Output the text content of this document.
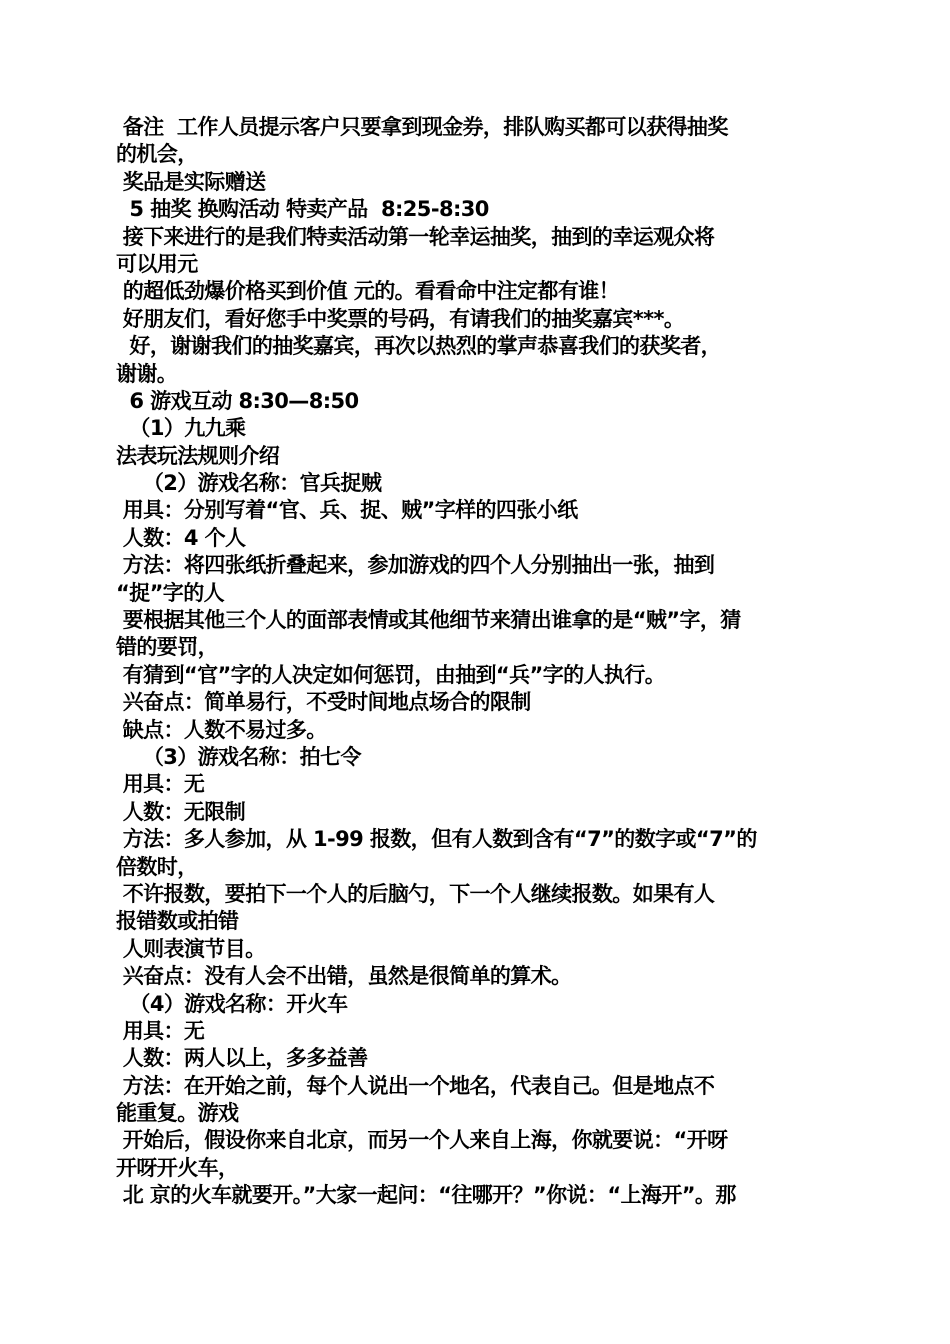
备注  工作人员提示客户只要拿到现金券，排队购买都可以获得抽奖
的机会，
奖品是实际赠送
5 抽奖 换购活动 特卖产品  8:25-8:30
接下来进行的是我们特卖活动第一轮幸运抽奖，抽到的幸运观众将
可以用元
的超低劲爆价格买到价值 元的。看看命中注定都有谁！
好朋友们，看好您手中奖票的号码，有请我们的抽奖嘉宾***。
好，谢谢我们的抽奖嘉宾，再次以热烈的掌声恭喜我们的获奖者，
谢谢。
6 游戏互动 8:30—8:50
（1）九九乘
法表玩法规则介绍
（2）游戏名称：官兵捉贼
用具：分别写着“官、兵、捉、贼”字样的四张小纸
人数：4 个人
方法：将四张纸折叠起来，参加游戏的四个人分别抽出一张，抽到
“捉”字的人
要根据其他三个人的面部表情或其他细节来猜出谁拿的是“贼”字，猜
错的要罚，
有猜到“官”字的人决定如何惩罚，由抽到“兵”字的人执行。
兴奋点：简单易行，不受时间地点场合的限制
缺点：人数不易过多。
（3）游戏名称：拍七令
用具：无
人数：无限制
方法：多人参加，从 1-99 报数，但有人数到含有“7”的数字或“7”的
倍数时，
不许报数，要拍下一个人的后脑勺，下一个人继续报数。如果有人
报错数或拍错
人则表演节目。
兴奋点：没有人会不出错，虽然是很简单的算术。
（4）游戏名称：开火车
用具：无
人数：两人以上，多多益善
方法：在开始之前，每个人说出一个地名，代表自己。但是地点不
能重复。游戏
开始后，假设你来自北京，而另一个人来自上海，你就要说：“开呀
开呀开火车，
北 京的火车就要开。”大家一起问：“往哪开？”你说：“上海开”。那
